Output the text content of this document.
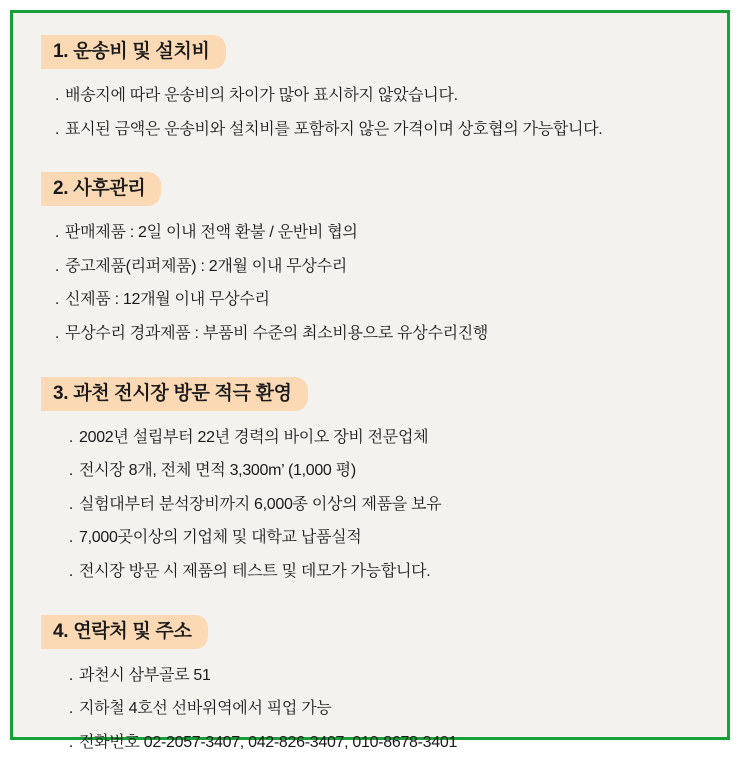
1. 운송비 및 설치비
. 배송지에 따라 운송비의 차이가 많아 표시하지 않았습니다.
. 표시된 금액은 운송비와 설치비를 포함하지 않은 가격이며 상호협의 가능합니다.
2. 사후관리
. 판매제품 : 2일 이내 전액 환불 / 운반비 협의
. 중고제품(리퍼제품) : 2개월 이내 무상수리
. 신제품 : 12개월 이내 무상수리
. 무상수리 경과제품 : 부품비 수준의 최소비용으로 유상수리진행
3. 과천 전시장 방문 적극 환영
. 2002년 설립부터 22년 경력의 바이오 장비 전문업체
. 전시장 8개, 전체 면적 3,300m’ (1,000 평)
. 실험대부터 분석장비까지 6,000종 이상의 제품을 보유
. 7,000곳이상의 기업체 및 대학교 납품실적
. 전시장 방문 시 제품의 테스트 및 데모가 가능합니다.
4. 연락처 및 주소
. 과천시 삼부골로 51
. 지하철 4호선 선바위역에서 픽업 가능
. 전화번호 02-2057-3407, 042-826-3407, 010-8678-3401
